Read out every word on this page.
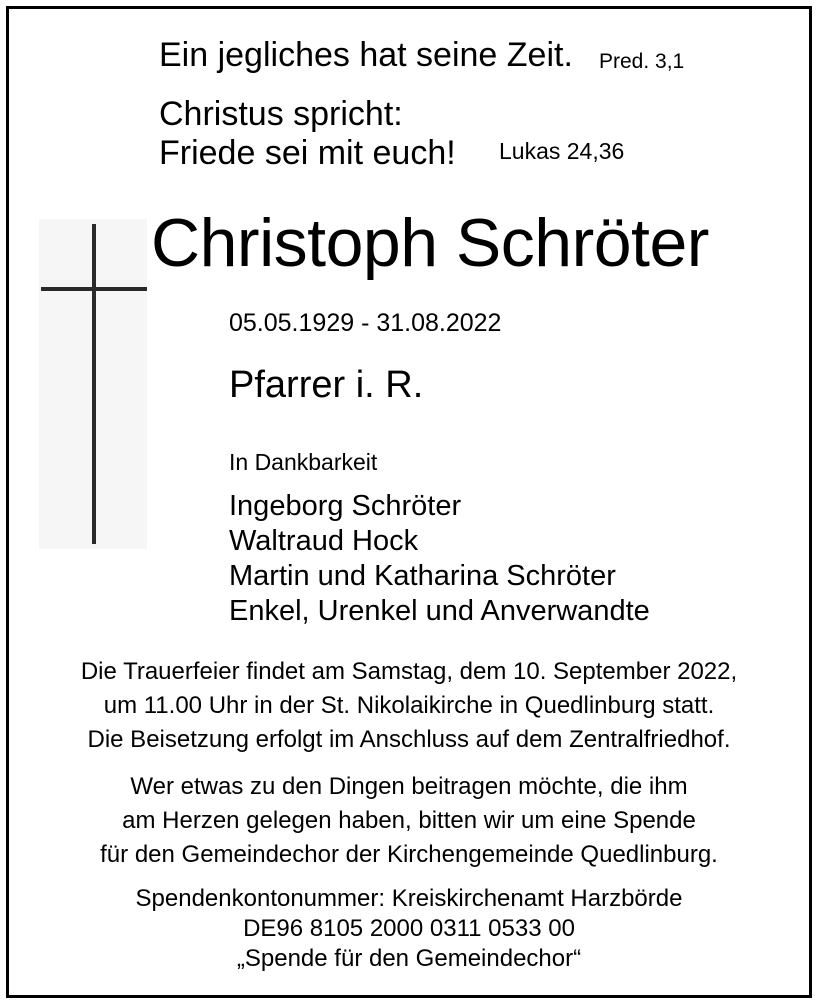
Ein jegliches hat seine Zeit. Pred. 3,1
Christus spricht:
Friede sei mit euch! Lukas 24,36
Christoph Schröter
05.05.1929 - 31.08.2022
Pfarrer i. R.
In Dankbarkeit
Ingeborg Schröter
Waltraud Hock
Martin und Katharina Schröter
Enkel, Urenkel und Anverwandte
Die Trauerfeier findet am Samstag, dem 10. September 2022,
um 11.00 Uhr in der St. Nikolaikirche in Quedlinburg statt.
Die Beisetzung erfolgt im Anschluss auf dem Zentralfriedhof.
Wer etwas zu den Dingen beitragen möchte, die ihm
am Herzen gelegen haben, bitten wir um eine Spende
für den Gemeindechor der Kirchengemeinde Quedlinburg.
Spendenkontonummer: Kreiskirchenamt Harzbörde
DE96 8105 2000 0311 0533 00
„Spende für den Gemeindechor“
